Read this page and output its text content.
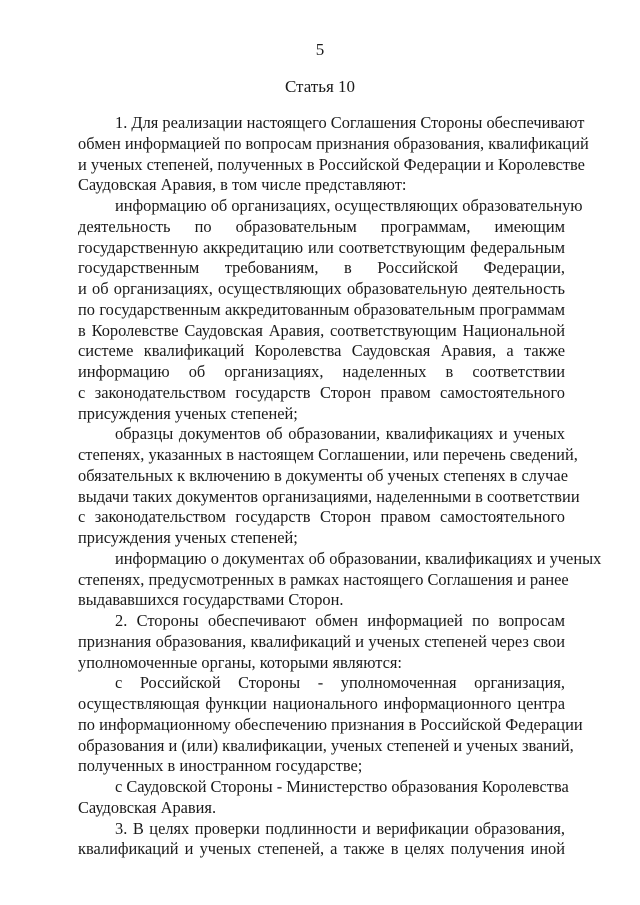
5
Статья 10
1. Для реализации настоящего Соглашения Стороны обеспечивают
обмен информацией по вопросам признания образования, квалификаций
и ученых степеней, полученных в Российской Федерации и Королевстве
Саудовская Аравия, в том числе представляют:
информацию об организациях, осуществляющих образовательную
деятельность по образовательным программам, имеющим
государственную аккредитацию или соответствующим федеральным
государственным требованиям, в Российской Федерации,
и об организациях, осуществляющих образовательную деятельность
по государственным аккредитованным образовательным программам
в Королевстве Саудовская Аравия, соответствующим Национальной
системе квалификаций Королевства Саудовская Аравия, а также
информацию об организациях, наделенных в соответствии
с законодательством государств Сторон правом самостоятельного
присуждения ученых степеней;
образцы документов об образовании, квалификациях и ученых
степенях, указанных в настоящем Соглашении, или перечень сведений,
обязательных к включению в документы об ученых степенях в случае
выдачи таких документов организациями, наделенными в соответствии
с законодательством государств Сторон правом самостоятельного
присуждения ученых степеней;
информацию о документах об образовании, квалификациях и ученых
степенях, предусмотренных в рамках настоящего Соглашения и ранее
выдававшихся государствами Сторон.
2. Стороны обеспечивают обмен информацией по вопросам
признания образования, квалификаций и ученых степеней через свои
уполномоченные органы, которыми являются:
с Российской Стороны - уполномоченная организация,
осуществляющая функции национального информационного центра
по информационному обеспечению признания в Российской Федерации
образования и (или) квалификации, ученых степеней и ученых званий,
полученных в иностранном государстве;
с Саудовской Стороны - Министерство образования Королевства
Саудовская Аравия.
3. В целях проверки подлинности и верификации образования,
квалификаций и ученых степеней, а также в целях получения иной
